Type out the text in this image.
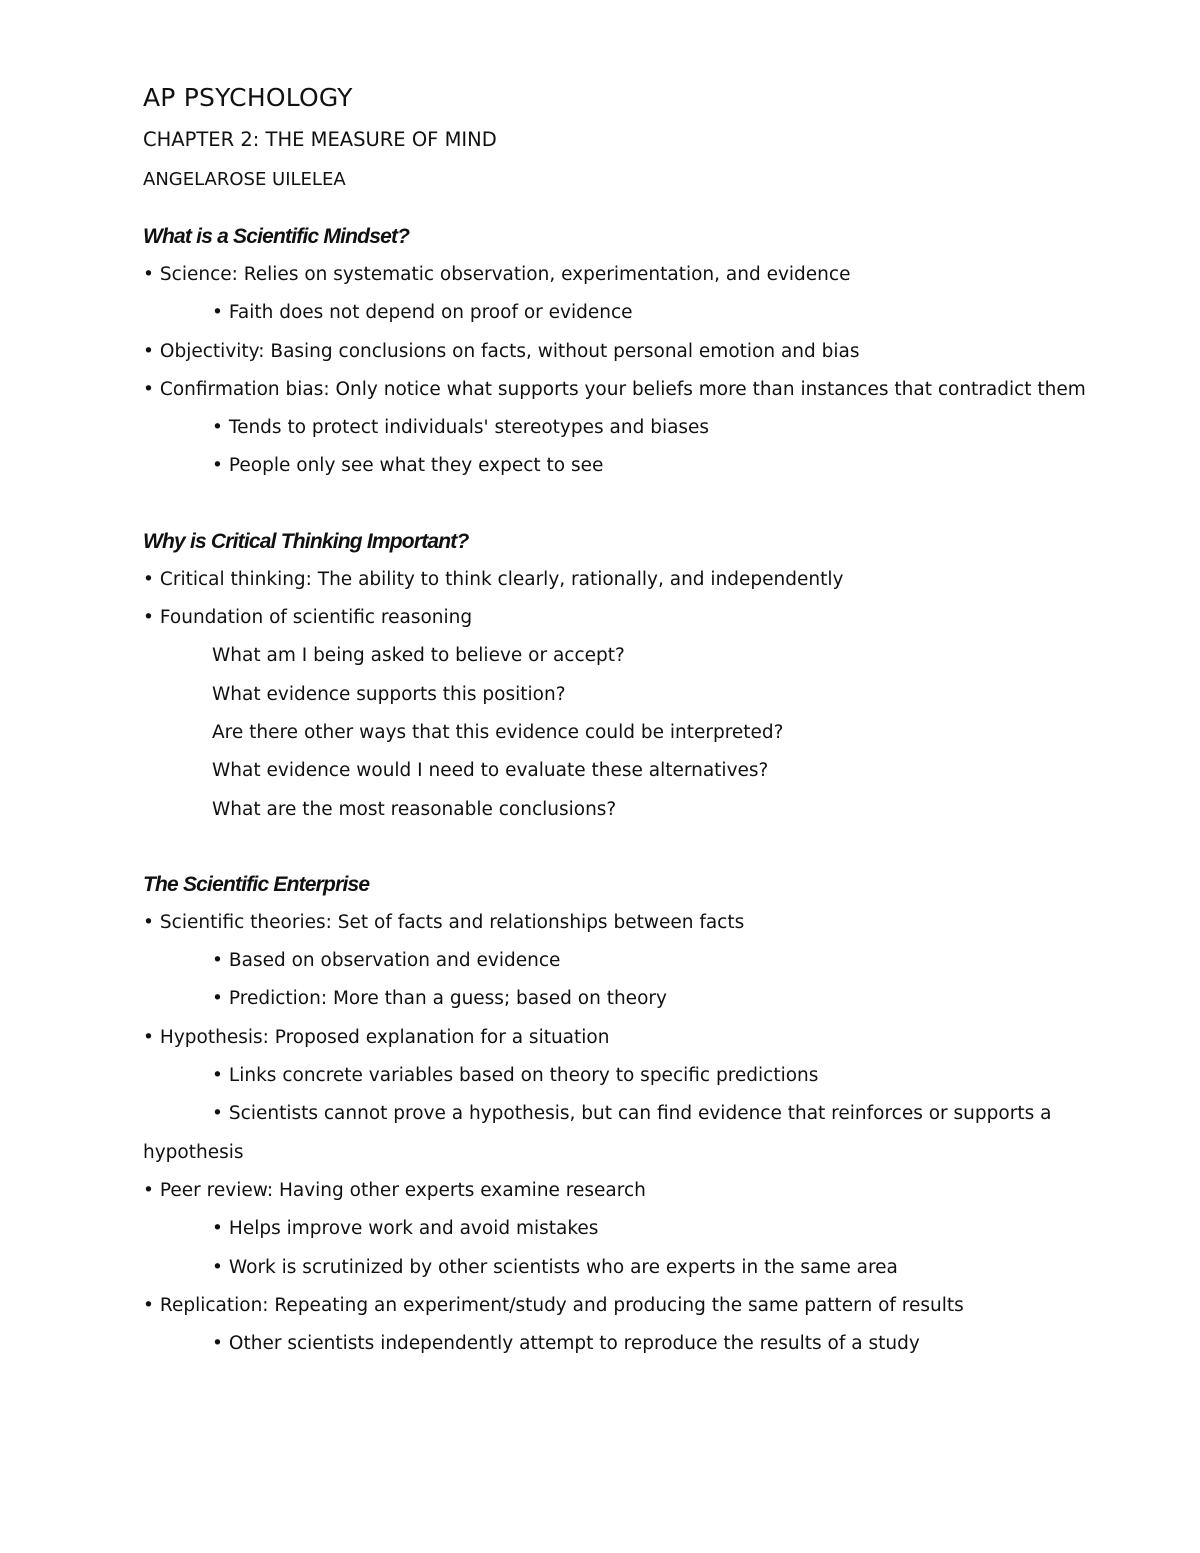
AP PSYCHOLOGY
CHAPTER 2: THE MEASURE OF MIND
ANGELAROSE UILELEA
What is a Scientific Mindset?
• Science: Relies on systematic observation, experimentation, and evidence
• Faith does not depend on proof or evidence
• Objectivity: Basing conclusions on facts, without personal emotion and bias
• Confirmation bias: Only notice what supports your beliefs more than instances that contradict them
• Tends to protect individuals' stereotypes and biases
• People only see what they expect to see
Why is Critical Thinking Important?
• Critical thinking: The ability to think clearly, rationally, and independently
• Foundation of scientific reasoning
What am I being asked to believe or accept?
What evidence supports this position?
Are there other ways that this evidence could be interpreted?
What evidence would I need to evaluate these alternatives?
What are the most reasonable conclusions?
The Scientific Enterprise
• Scientific theories: Set of facts and relationships between facts
• Based on observation and evidence
• Prediction: More than a guess; based on theory
• Hypothesis: Proposed explanation for a situation
• Links concrete variables based on theory to specific predictions
• Scientists cannot prove a hypothesis, but can find evidence that reinforces or supports a hypothesis
• Peer review: Having other experts examine research
• Helps improve work and avoid mistakes
• Work is scrutinized by other scientists who are experts in the same area
• Replication: Repeating an experiment/study and producing the same pattern of results
• Other scientists independently attempt to reproduce the results of a study
